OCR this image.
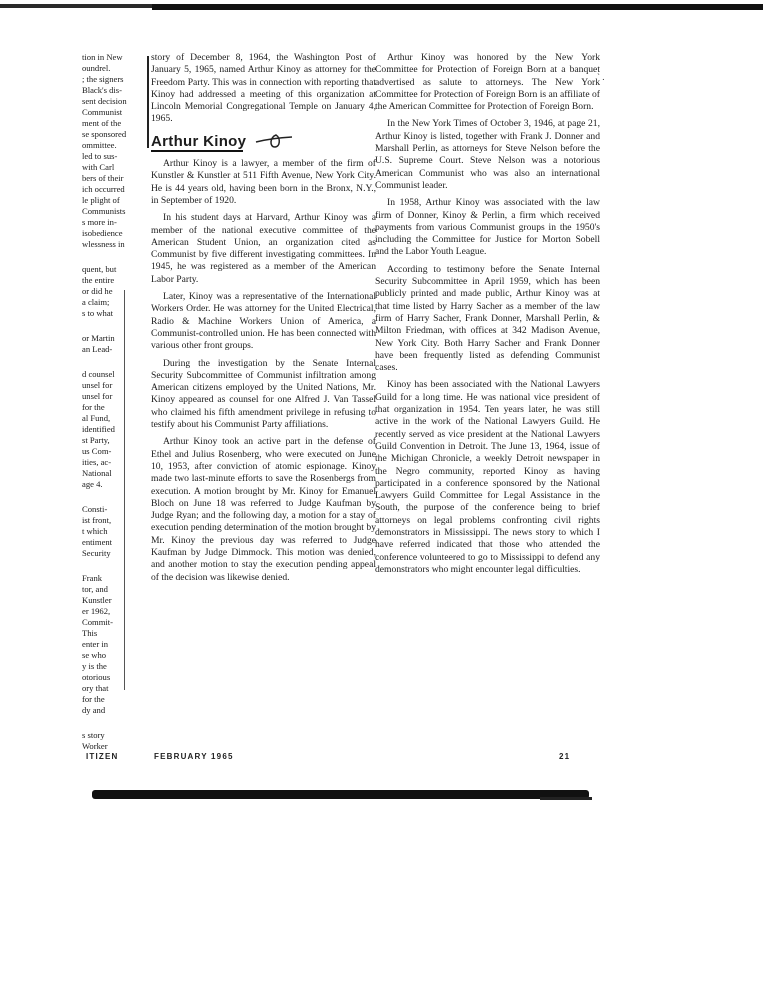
` .
tion in New
oundrel.
; the signers
Black's dis-
sent decision
Communist
ment of the
se sponsored
ommittee.
led to sus-
with Carl
bers of their
ich occurred
le plight of
Communists
s more in-
isobedience
wlessness in
quent, but
the entire
or did he
a claim;
s to what
or Martin
an Lead-
d counsel
unsel for
unsel for
for the
al Fund,
identified
st Party,
us Com-
ities, ac-
National
age 4.
Consti-
ist front,
t which
entiment
Security
Frank
tor, and
Kunstler
er 1962,
Commit-
This
enter in
se who
y is the
otorious
ory that
for the
dy and
s story
Worker

story of December 8, 1964, the Washington Post of January 5, 1965, named Arthur Kinoy as attorney for the Freedom Party. This was in connection with reporting that Kinoy had addressed a meeting of this organization at Lincoln Memorial Congregational Temple on January 4, 1965.

Arthur Kinoy

Arthur Kinoy is a lawyer, a member of the firm of Kunstler & Kunstler at 511 Fifth Avenue, New York City. He is 44 years old, having been born in the Bronx, N.Y., in September of 1920.

In his student days at Harvard, Arthur Kinoy was a member of the national executive committee of the American Student Union, an organization cited as Communist by five different investigating committees. In 1945, he was registered as a member of the American Labor Party.

Later, Kinoy was a representative of the International Workers Order. He was attorney for the United Electrical, Radio & Machine Workers Union of America, a Communist-controlled union. He has been connected with various other front groups.

During the investigation by the Senate Internal Security Subcommittee of Communist infiltration among American citizens employed by the United Nations, Mr. Kinoy appeared as counsel for one Alfred J. Van Tassel who claimed his fifth amendment privilege in refusing to testify about his Communist Party affiliations.

Arthur Kinoy took an active part in the defense of Ethel and Julius Rosenberg, who were executed on June 10, 1953, after conviction of atomic espionage. Kinoy made two last-minute efforts to save the Rosenbergs from execution. A motion brought by Mr. Kinoy for Emanuel Bloch on June 18 was referred to Judge Kaufman by Judge Ryan; and the following day, a motion for a stay of execution pending determination of the motion brought by Mr. Kinoy the previous day was referred to Judge Kaufman by Judge Dimmock. This motion was denied, and another motion to stay the execution pending appeal of the decision was likewise denied.

Arthur Kinoy was honored by the New York Committee for Protection of Foreign Born at a banquet advertised as salute to attorneys. The New York Committee for Protection of Foreign Born is an affiliate of the American Committee for Protection of Foreign Born.

In the New York Times of October 3, 1946, at page 21, Arthur Kinoy is listed, together with Frank J. Donner and Marshall Perlin, as attorneys for Steve Nelson before the U.S. Supreme Court. Steve Nelson was a notorious American Communist who was also an international Communist leader.

In 1958, Arthur Kinoy was associated with the law firm of Donner, Kinoy & Perlin, a firm which received payments from various Communist groups in the 1950's including the Committee for Justice for Morton Sobell and the Labor Youth League.

According to testimony before the Senate Internal Security Subcommittee in April 1959, which has been publicly printed and made public, Arthur Kinoy was at that time listed by Harry Sacher as a member of the law firm of Harry Sacher, Frank Donner, Marshall Perlin, & Milton Friedman, with offices at 342 Madison Avenue, New York City. Both Harry Sacher and Frank Donner have been frequently listed as defending Communist cases.

Kinoy has been associated with the National Lawyers Guild for a long time. He was national vice president of that organization in 1954. Ten years later, he was still active in the work of the National Lawyers Guild. He recently served as vice president at the National Lawyers Guild Convention in Detroit. The June 13, 1964, issue of the Michigan Chronicle, a weekly Detroit newspaper in the Negro community, reported Kinoy as having participated in a conference sponsored by the National Lawyers Guild Committee for Legal Assistance in the South, the purpose of the conference being to brief attorneys on legal problems confronting civil rights demonstrators in Mississippi. The news story to which I have referred indicated that those who attended the conference volunteered to go to Mississippi to defend any demonstrators who might encounter legal difficulties.

ITIZEN	FEBRUARY 1965	21
